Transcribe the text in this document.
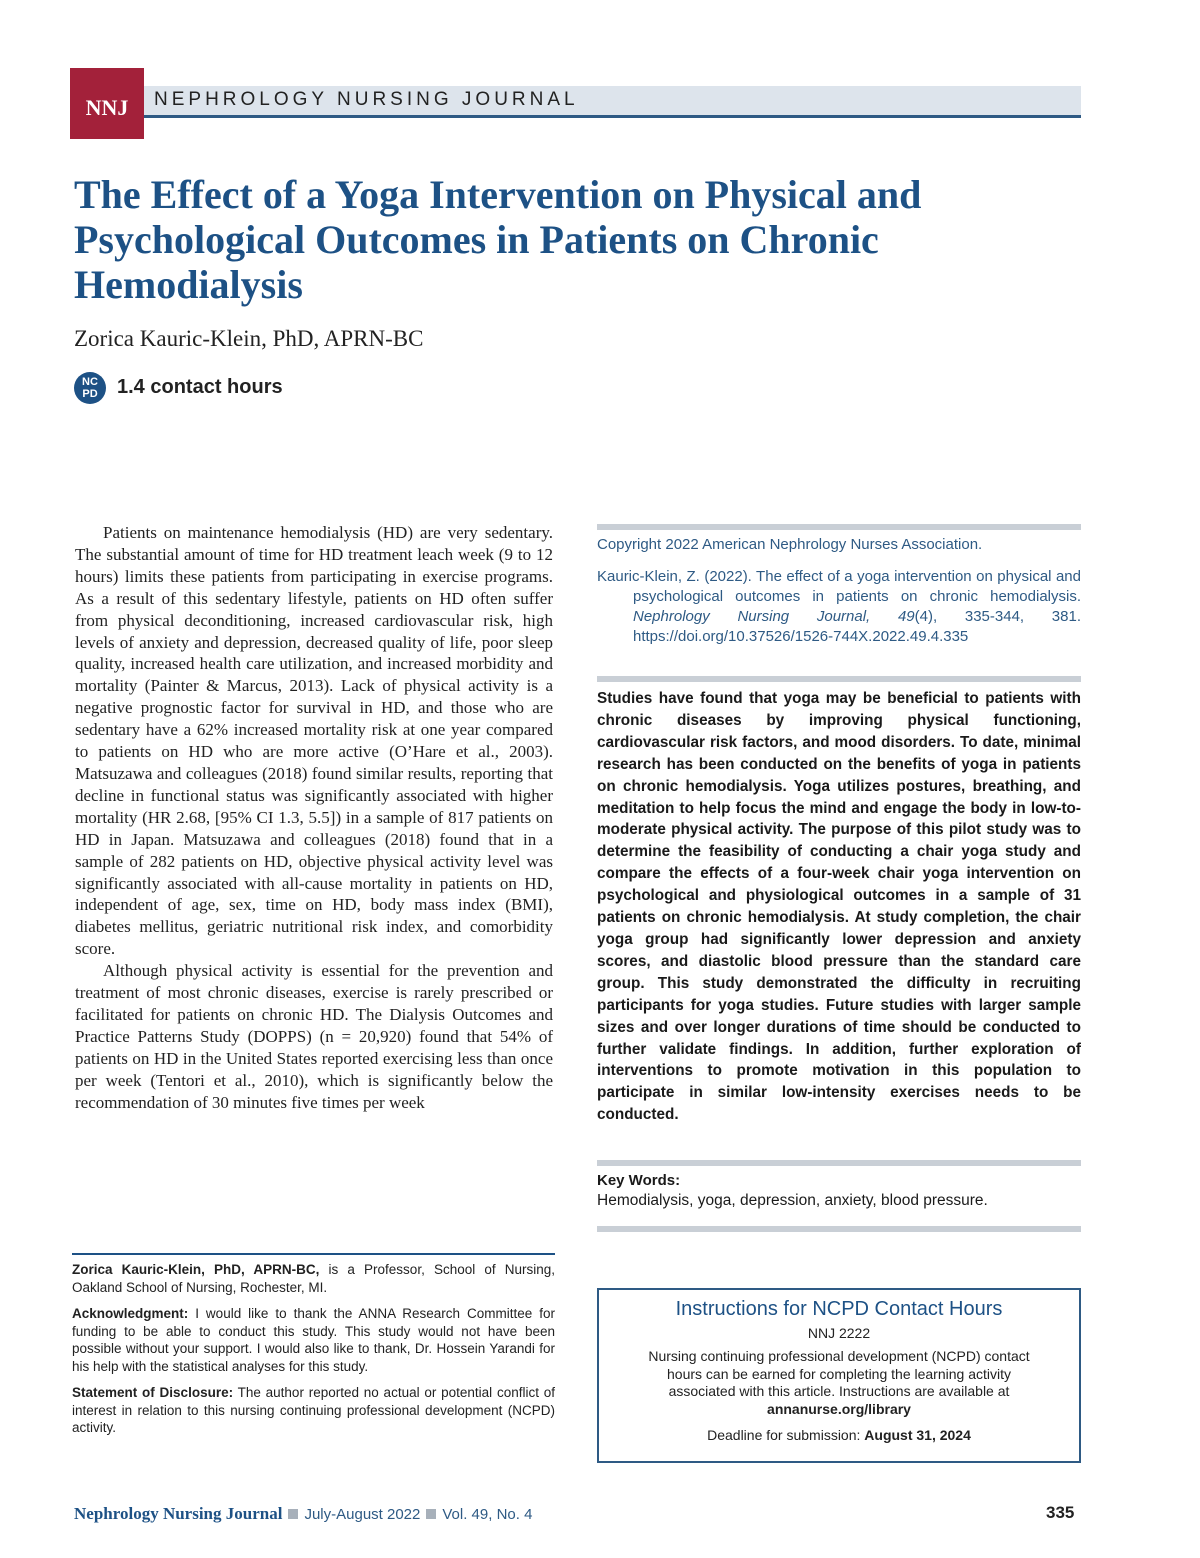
NNJ	NEPHROLOGY NURSING JOURNAL
The Effect of a Yoga Intervention on Physical and Psychological Outcomes in Patients on Chronic Hemodialysis
Zorica Kauric-Klein, PhD, APRN-BC
NC
PD 1.4 contact hours

Patients on maintenance hemodialysis (HD) are very sedentary. The substantial amount of time for HD treatment leach week (9 to 12 hours) limits these patients from participating in exercise programs. As a result of this sedentary lifestyle, patients on HD often suffer from physical deconditioning, increased cardiovascular risk, high levels of anxiety and depression, decreased quality of life, poor sleep quality, increased health care utilization, and increased morbidity and mortality (Painter & Marcus, 2013). Lack of physical activity is a negative prognostic factor for survival in HD, and those who are sedentary have a 62% increased mortality risk at one year compared to patients on HD who are more active (O’Hare et al., 2003). Matsuzawa and colleagues (2018) found similar results, reporting that decline in functional status was significantly associated with higher mortality (HR 2.68, [95% CI 1.3, 5.5]) in a sample of 817 patients on HD in Japan. Matsuzawa and colleagues (2018) found that in a sample of 282 patients on HD, objective physical activity level was significantly associated with all-cause mortality in patients on HD, independent of age, sex, time on HD, body mass index (BMI), diabetes mellitus, geriatric nutritional risk index, and comorbidity score.

Although physical activity is essential for the prevention and treatment of most chronic diseases, exercise is rarely prescribed or facilitated for patients on chronic HD. The Dialysis Outcomes and Practice Patterns Study (DOPPS) (n = 20,920) found that 54% of patients on HD in the United States reported exercising less than once per week (Tentori et al., 2010), which is significantly below the recommendation of 30 minutes five times per week

Zorica Kauric-Klein, PhD, APRN-BC, is a Professor, School of Nursing, Oakland School of Nursing, Rochester, MI.

Acknowledgment: I would like to thank the ANNA Research Committee for funding to be able to conduct this study. This study would not have been possible without your support. I would also like to thank, Dr. Hossein Yarandi for his help with the statistical analyses for this study.

Statement of Disclosure: The author reported no actual or potential conflict of interest in relation to this nursing continuing professional development (NCPD) activity.

Copyright 2022 American Nephrology Nurses Association.

Kauric-Klein, Z. (2022). The effect of a yoga intervention on physical and psychological outcomes in patients on chronic hemodialysis. Nephrology Nursing Journal, 49(4), 335-344, 381. https://doi.org/10.37526/1526-744X.2022.49.4.335

Studies have found that yoga may be beneficial to patients with chronic diseases by improving physical functioning, cardiovascular risk factors, and mood disorders. To date, minimal research has been conducted on the benefits of yoga in patients on chronic hemodialysis. Yoga utilizes postures, breathing, and meditation to help focus the mind and engage the body in low-to-moderate physical activity. The purpose of this pilot study was to determine the feasibility of conducting a chair yoga study and compare the effects of a four-week chair yoga intervention on psychological and physiological outcomes in a sample of 31 patients on chronic hemodialysis. At study completion, the chair yoga group had significantly lower depression and anxiety scores, and diastolic blood pressure than the standard care group. This study demonstrated the difficulty in recruiting participants for yoga studies. Future studies with larger sample sizes and over longer durations of time should be conducted to further validate findings. In addition, further exploration of interventions to promote motivation in this population to participate in similar low-intensity exercises needs to be conducted.

Key Words:
Hemodialysis, yoga, depression, anxiety, blood pressure.
Instructions for NCPD Contact Hours
NNJ 2222
Nursing continuing professional development (NCPD) contact hours can be earned for completing the learning activity associated with this article. Instructions are available at
annanurse.org/library
Deadline for submission: August 31, 2024
Nephrology Nursing Journal July-August 2022 Vol. 49, No. 4	335
